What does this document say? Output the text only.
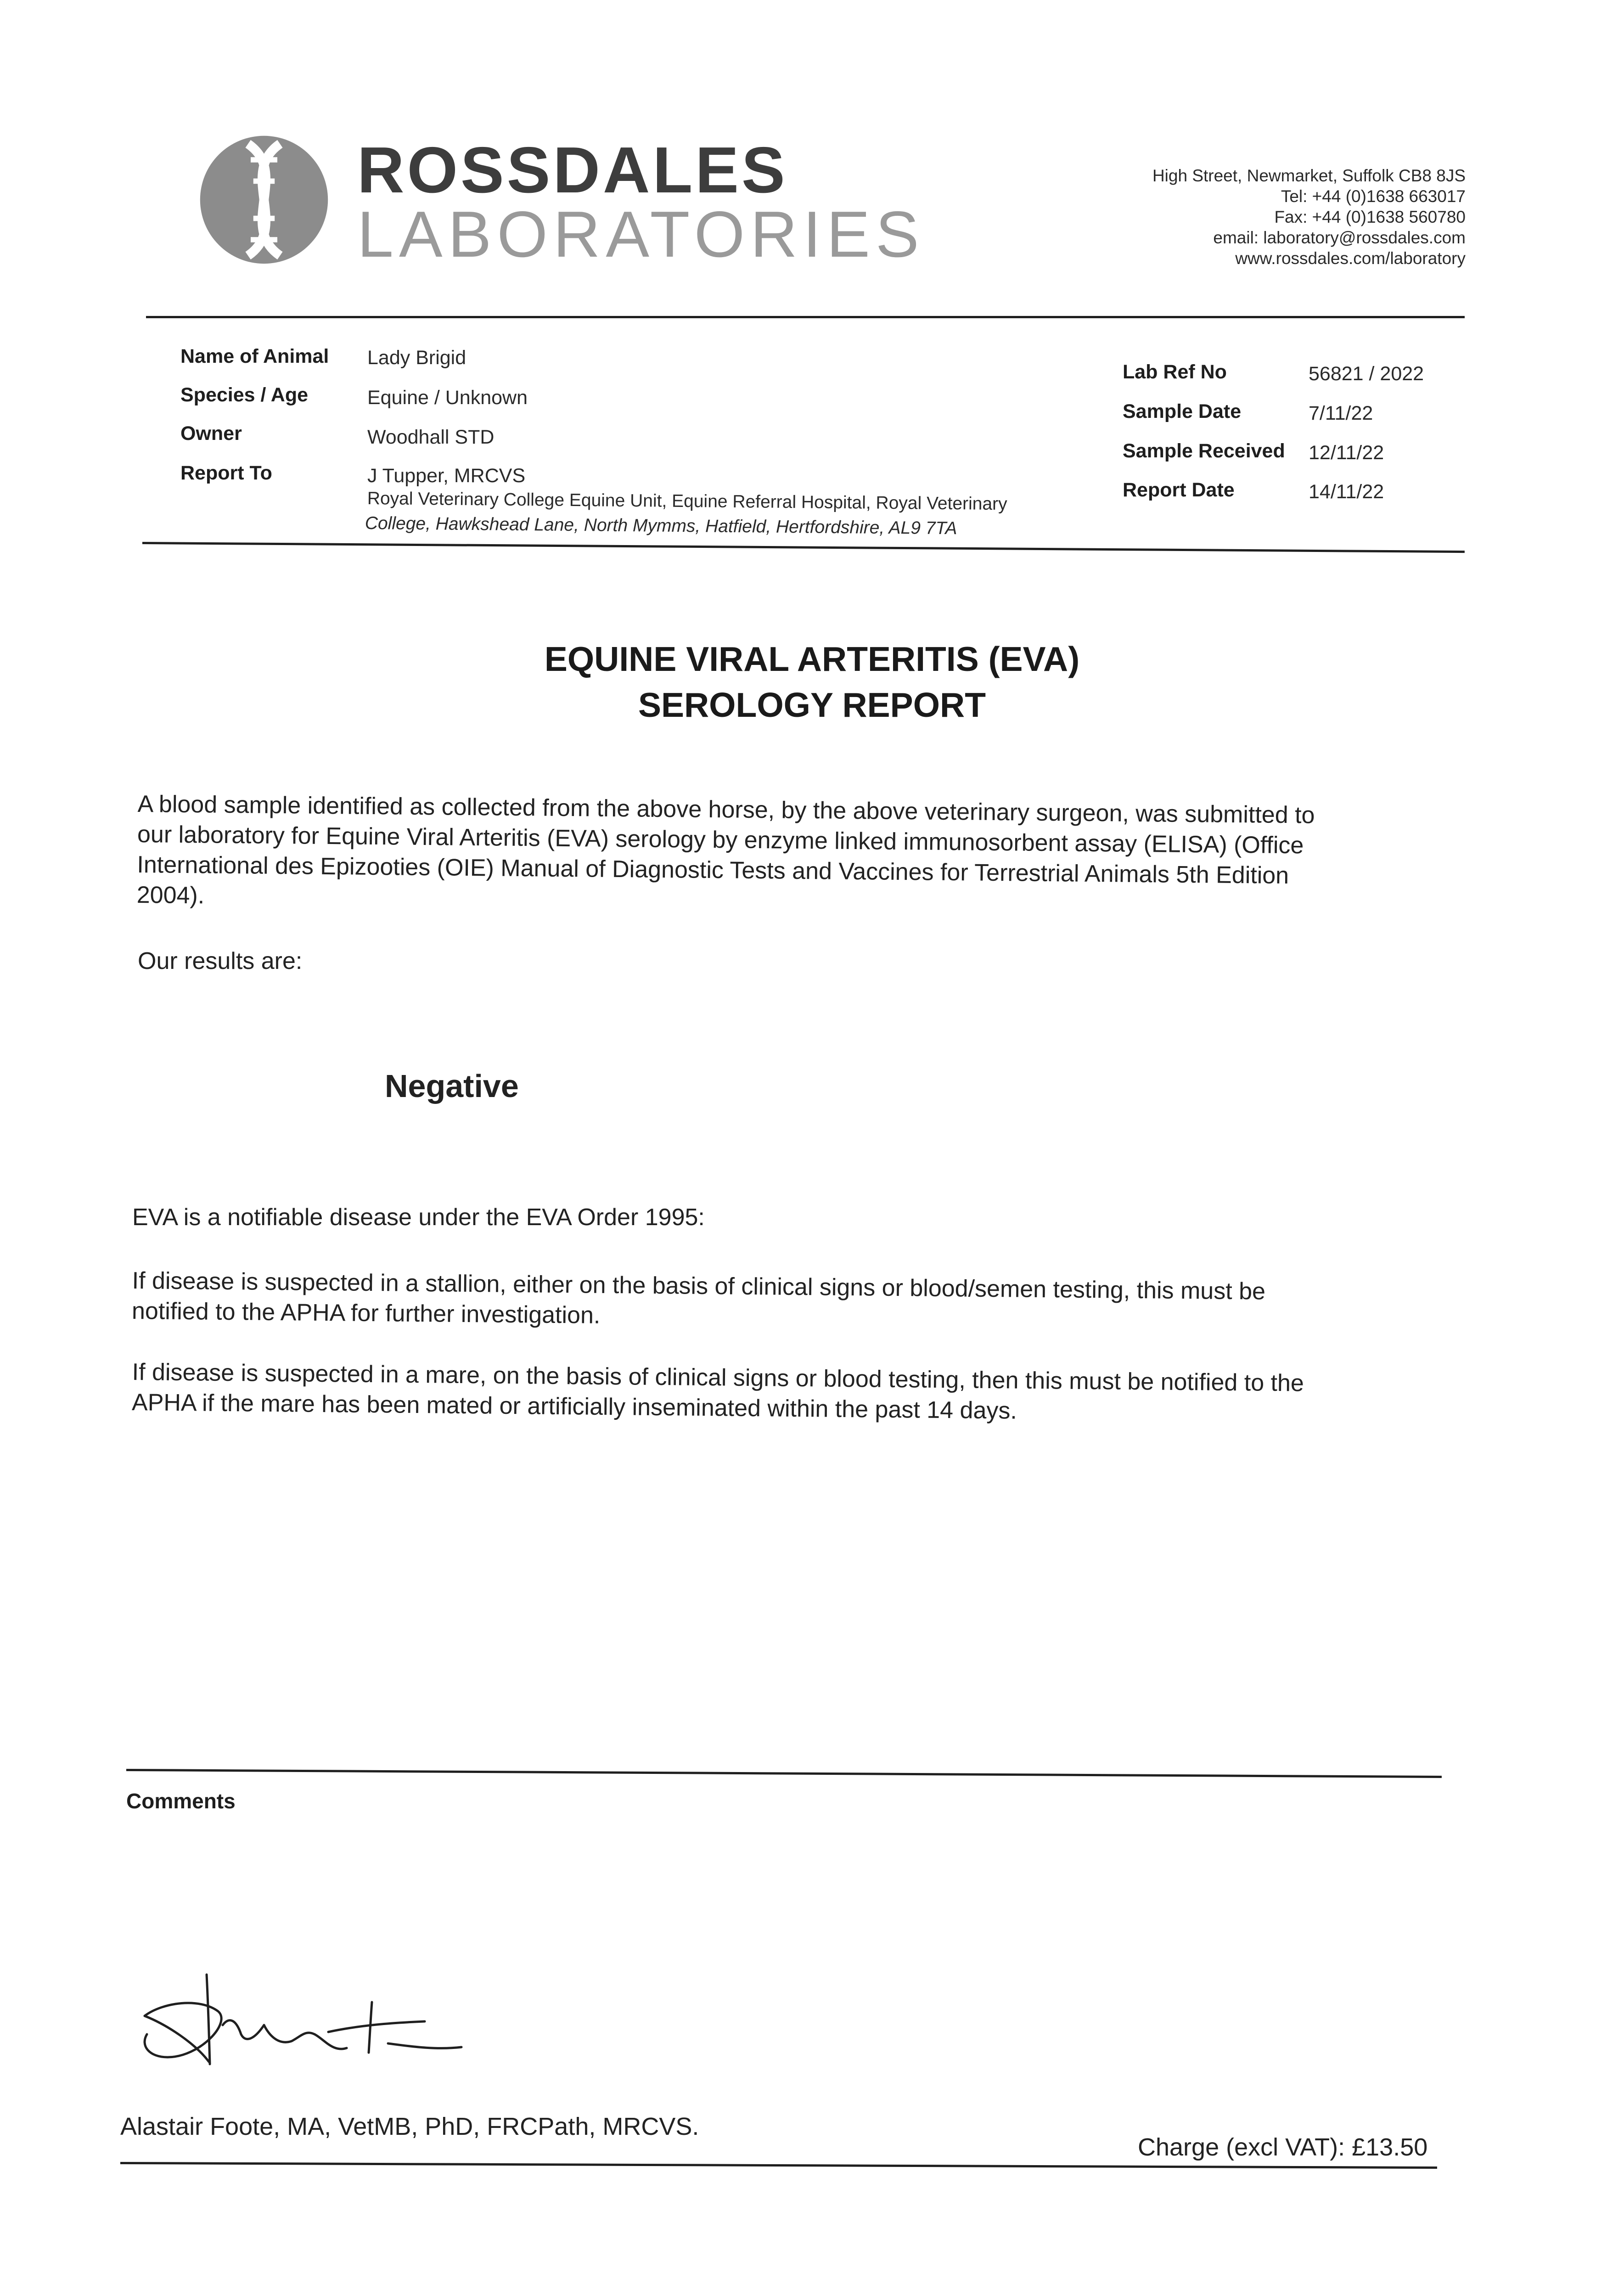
ROSSDALES
LABORATORIES
High Street, Newmarket, Suffolk CB8 8JS
Tel: +44 (0)1638 663017
Fax: +44 (0)1638 560780
email: laboratory@rossdales.com
www.rossdales.com/laboratory
Name of Animal Lady Brigid
Species / Age	Equine / Unknown
Owner	Woodhall STD
Report To	J Tupper, MRCVS
Royal Veterinary College Equine Unit, Equine Referral Hospital, Royal Veterinary
College, Hawkshead Lane, North Mymms, Hatfield, Hertfordshire, AL9 7TA
Lab Ref No	56821 / 2022
Sample Date	7/11/22
Sample Received 12/11/22
Report Date	14/11/22
EQUINE VIRAL ARTERITIS (EVA)
SEROLOGY REPORT
A blood sample identified as collected from the above horse, by the above veterinary surgeon, was submitted to
our laboratory for Equine Viral Arteritis (EVA) serology by enzyme linked immunosorbent assay (ELISA) (Office
International des Epizooties (OIE) Manual of Diagnostic Tests and Vaccines for Terrestrial Animals 5th Edition
2004).
Our results are:
Negative
EVA is a notifiable disease under the EVA Order 1995:
If disease is suspected in a stallion, either on the basis of clinical signs or blood/semen testing, this must be
notified to the APHA for further investigation.
If disease is suspected in a mare, on the basis of clinical signs or blood testing, then this must be notified to the
APHA if the mare has been mated or artificially inseminated within the past 14 days.
Comments
Alastair Foote, MA, VetMB, PhD, FRCPath, MRCVS.
Charge (excl VAT): £13.50
